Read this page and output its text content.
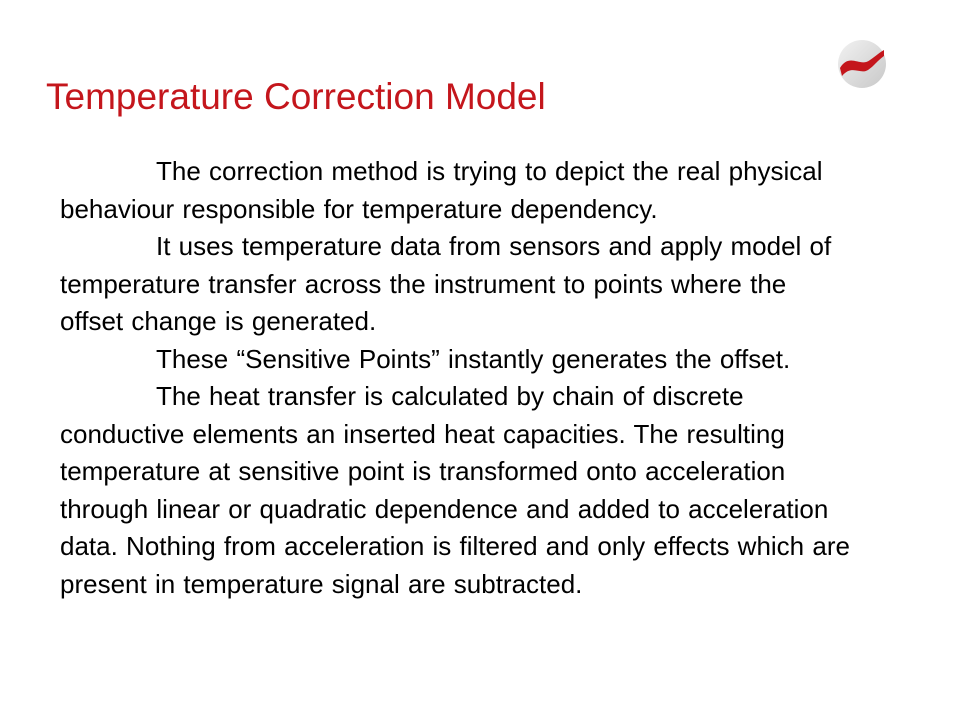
Temperature Correction Model

The correction method is trying to depict the real physical behaviour responsible for temperature dependency.

It uses temperature data from sensors and apply model of temperature transfer across the instrument to points where the offset change is generated.

These “Sensitive Points” instantly generates the offset.

The heat transfer is calculated by chain of discrete conductive elements an inserted heat capacities. The resulting temperature at sensitive point is transformed onto acceleration through linear or quadratic dependence and added to acceleration data. Nothing from acceleration is filtered and only effects which are present in temperature signal are subtracted.
